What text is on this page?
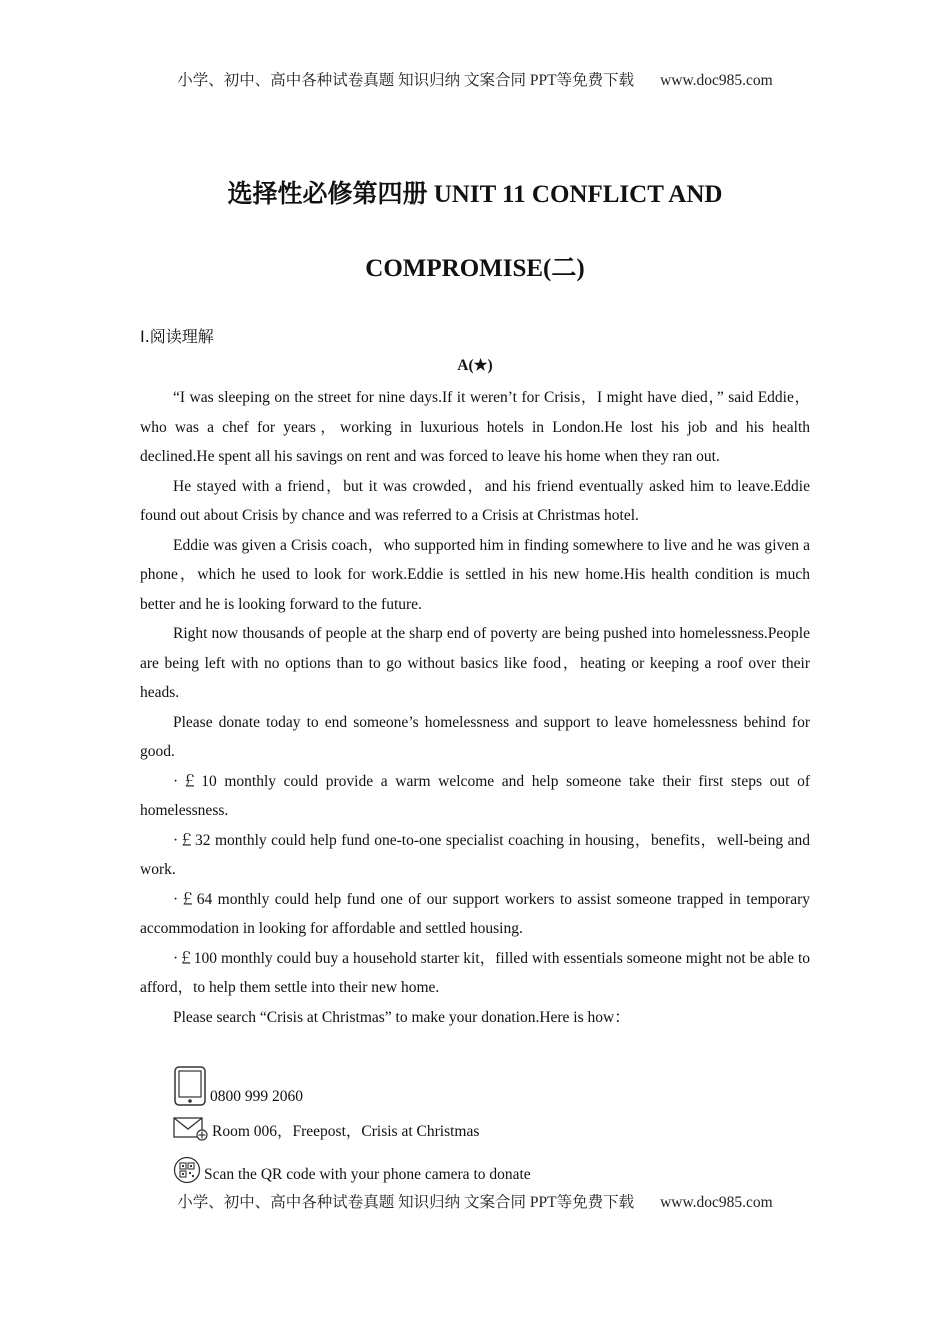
小学、初中、高中各种试卷真题 知识归纳 文案合同 PPT等免费下载 www.doc985.com
选择性必修第四册 UNIT 11 CONFLICT AND
COMPROMISE(二)
Ⅰ.阅读理解
A(★)

“I was sleeping on the street for nine days.If it weren’t for Crisis，I might have died，” said Eddie，who was a chef for years，working in luxurious hotels in London.He lost his job and his health declined.He spent all his savings on rent and was forced to leave his home when they ran out.

He stayed with a friend，but it was crowded，and his friend eventually asked him to leave.Eddie found out about Crisis by chance and was referred to a Crisis at Christmas hotel.

Eddie was given a Crisis coach，who supported him in finding somewhere to live and he was given a phone，which he used to look for work.Eddie is settled in his new home.His health condition is much better and he is looking forward to the future.

Right now thousands of people at the sharp end of poverty are being pushed into homelessness.People are being left with no options than to go without basics like food，heating or keeping a roof over their heads.

Please donate today to end someone’s homelessness and support to leave homelessness behind for good.

·￡10 monthly could provide a warm welcome and help someone take their first steps out of homelessness.

·￡32 monthly could help fund one-to-one specialist coaching in housing，benefits，well-being and work.

·￡64 monthly could help fund one of our support workers to assist someone trapped in temporary accommodation in looking for affordable and settled housing.

·￡100 monthly could buy a household starter kit，filled with essentials someone might not be able to afford，to help them settle into their new home.

Please search “Crisis at Christmas” to make your donation.Here is how：

0800 999 2060
Room 006，Freepost，Crisis at Christmas
Scan the QR code with your phone camera to donate
小学、初中、高中各种试卷真题 知识归纳 文案合同 PPT等免费下载 www.doc985.com
